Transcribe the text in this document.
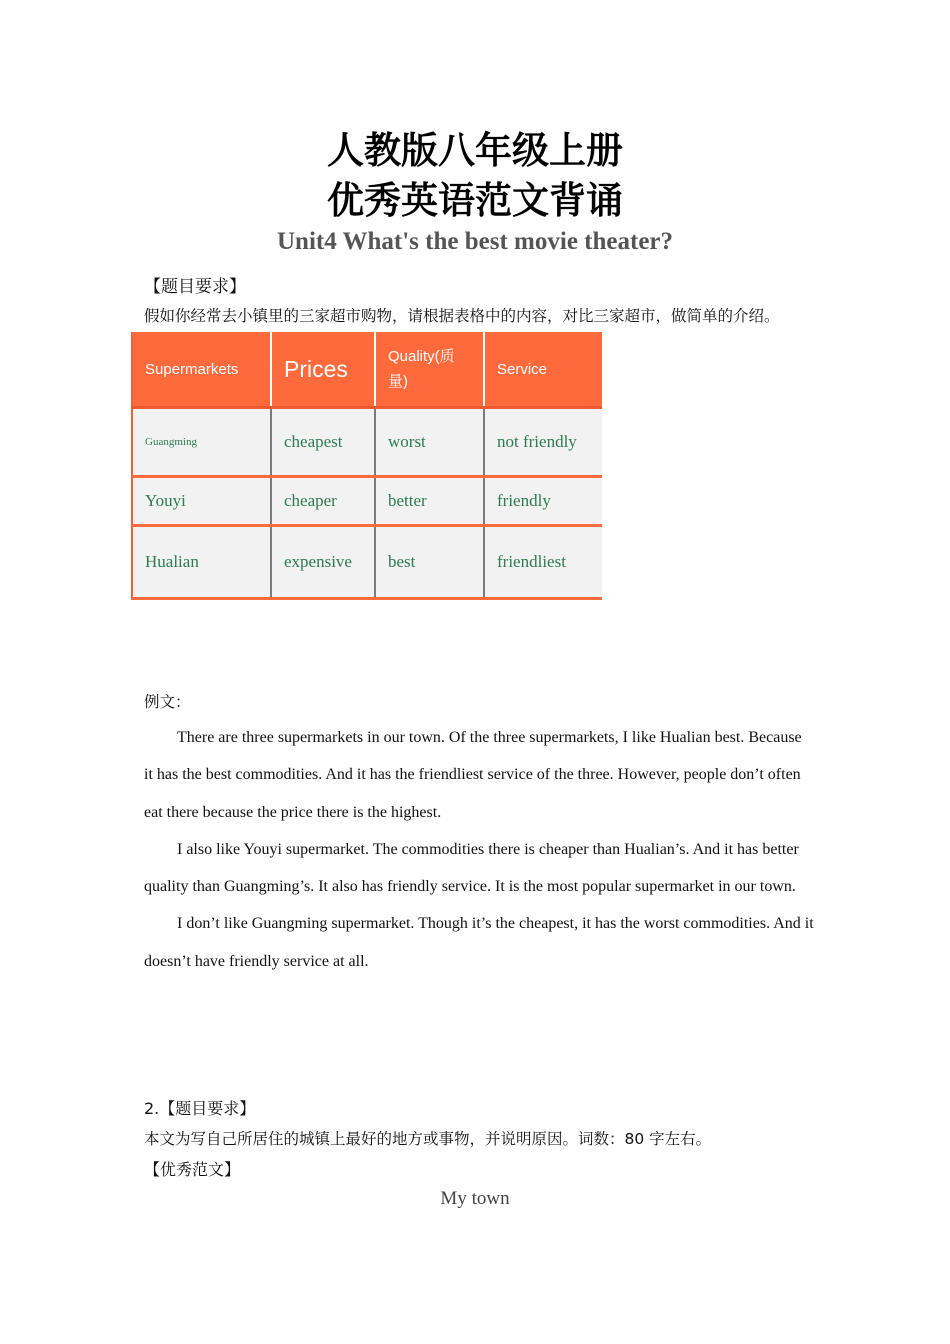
人教版八年级上册
优秀英语范文背诵
Unit4 What's the best movie theater?
【题目要求】
假如你经常去小镇里的三家超市购物，请根据表格中的内容，对比三家超市，做简单的介绍。
Supermarkets	Prices	Quality(质量)	Service
Guangming	cheapest	worst	not friendly
Youyi	cheaper	better	friendly
Hualian	expensive	best	friendliest
例文：

There are three supermarkets in our town. Of the three supermarkets, I like Hualian best. Because it has the best commodities. And it has the friendliest service of the three. However, people don’t often eat there because the price there is the highest.

I also like Youyi supermarket. The commodities there is cheaper than Hualian’s. And it has better quality than Guangming’s. It also has friendly service. It is the most popular supermarket in our town.

I don’t like Guangming supermarket. Though it’s the cheapest, it has the worst commodities. And it doesn’t have friendly service at all.

2.【题目要求】
本文为写自己所居住的城镇上最好的地方或事物，并说明原因。词数：80 字左右。
【优秀范文】
My town
